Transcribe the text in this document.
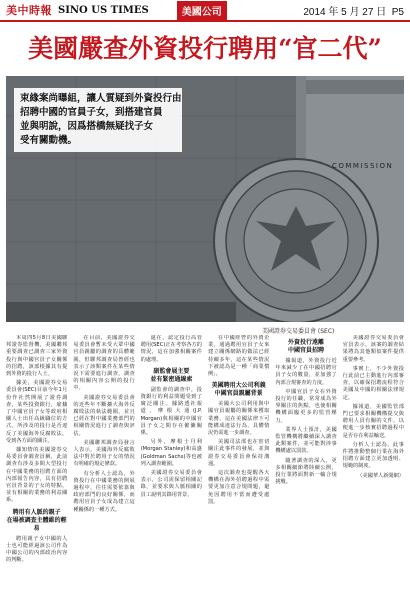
美中時報 SINO US TIMES	美國公司	2014 年 5 月 27 日 P5
美國嚴查外資投行聘用“官二代”
COMMISSION
束緣案尚曝組，讓人質疑到外資投行由
招聘中國的官員子女，到搭建官員
並與明說，因爲搭橋無疑找子女
受有關動機。
美國證券交易委員會 (SEC)

本周四5月8日美國聯邦證券監督機，美國聯邦重要調查已調查三家外資投行與中國官員子女關係的招聘，該部根據其有提到外資的投行人士。

據美，美國證券交易委員會(SEC)目前今年1月份作社然開展了證券調查，某些投資銀行，雇傭了中國官員子女等政府相關人士出任高級職位的方式。所涉及的投行是否違反了美國海外反腐敗法，受到各方面的關注。

據知情的美國證券交易委員會調查員稱，此前調查有涉及多間大型投行在中國業務的招聘方面的內部報告內容，具有招聘官員背景的子女的特點，並有相關的業務的利益關系。

聘用有人脈的親子
在場被調查主體維的輕易

聘用親子女中國的人士也可能經過該公司作為中國公司的內部政治內容的判斷。

在目前，美國證券交易委員會暫未受大眾中國官員親屬的調查的具體範圍，但聯邦調查局曾經也表示了該類案件在某些情況下需要進行調查，調查的相關內容公開的投行中。

美國證券交易委員會的近些年不斷擴大海外反腐敗法的執法範圍，並且已經在對中國業務部門的相關情況進行了調查與評估。

美國聯邦調查局發言人表示，美國海外反腐敗法中對於聘用子女的情況有明確的規定條款。

有分析人士認為，外資投行在中國業務的開展過程中，往往需要依靠與政府部門的良好關係，而聘用官員子女成為建立這種關係的一種方式。

還在，認定投行高管聘用(SEC)正在考察各方的情況，這在加強相關案件的處理。

副監會展主要
並有緊密通線索

副監會的調查中，投資銀行的利益問題受到了廣泛關注。據路透社報道，摩根大通(J.P. Morgan)與相關的中國官員子女之間存在僱傭關係。

另外，摩根士丹利(Morgan Stanley)和高盛(Goldman Sachs)等也被列入調查範圍。

美國證券交易委員會表示，公司需保留相關記錄，並要求與人脈相關的員工說明其錄用背景。

在中國經營的外資企業，通過聘用官員子女來建立關係網路的做法已經持續多年，這在某些情況下被認為是一種「商業慣例」。

美國聘用大公司利義
中國官員親屬背景

美國大公司利用與中國官員親屬的關係來獲取業務，這在美國法律下可能構成違法行為，具體情況仍需進一步調查。

美國司法部也在密切關注此事件的發展，並與證券交易委員會保持溝通。

這次調查也提醒各大機構在海外招聘過程中需要更加注意合規問題，避免因聘用不當而遭受處罰。

外資投行遠離
中國官員招聘

據報道，外資投行近年來減少了在中國招聘官員子女的數量，並加強了內部合規審查的力度。

中國官員子女在外資投行的任職，常常成為外界關注的焦點，也使相關機構面臨更多的監管壓力。

業界人士預計，美國監管機構將繼續深入調查此類案件，並可能對涉事機構處以罰款。

隨著調查的深入，更多相關細節將陸續公開，投行業將面對新一輪合規挑戰。

美國證券交易委員會官員表示，該案的調查結果將為其他類似案件提供重要參考。

事實上，不少外資投行此前已主動進行內部審查，以確保招聘流程符合美國及中國的相關法律規定。

據報道，美國監管部門已要求相關機構提交與聘用人員有關的文件，以便進一步核實招聘過程中是否存在利益輸送。

分析人士認為，此事件將推動整個行業在海外招聘方面建立更加透明、規範的制度。

（美國華人新聞網）
